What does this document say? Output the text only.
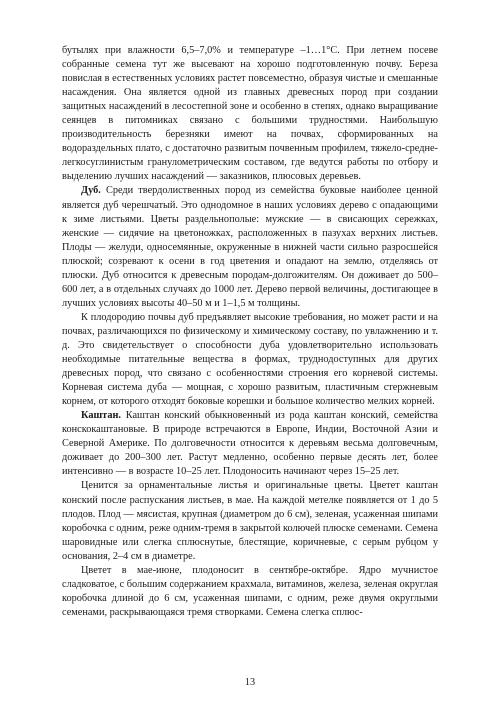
бутылях при влажности 6,5–7,0% и температуре –1…1°C. При летнем посеве собранные семена тут же высевают на хорошо подготовленную почву. Береза повислая в естественных условиях растет повсеместно, образуя чистые и смешанные насаждения. Она является одной из главных древесных пород при создании защитных насаждений в лесостепной зоне и особенно в степях, однако выращивание сеянцев в питомниках связано с большими трудностями. Наибольшую производительность березняки имеют на почвах, сформированных на водораздельных плато, с достаточно развитым почвенным профилем, тяжело-средне-легкосуглинистым гранулометрическим составом, где ведутся работы по отбору и выделению лучших насаждений — заказников, плюсовых деревьев.

Дуб. Среди твердолиственных пород из семейства буковые наиболее ценной является дуб черешчатый. Это однодомное в наших условиях дерево с опадающими к зиме листьями. Цветы раздельнополые: мужские — в свисающих сережках, женские — сидячие на цветоножках, расположенных в пазухах верхних листьев. Плоды — желуди, односемянные, окруженные в нижней части сильно разросшейся плюской; созревают к осени в год цветения и опадают на землю, отделяясь от плюски. Дуб относится к древесным породам-долгожителям. Он доживает до 500–600 лет, а в отдельных случаях до 1000 лет. Дерево первой величины, достигающее в лучших условиях высоты 40–50 м и 1–1,5 м толщины.

К плодородию почвы дуб предъявляет высокие требования, но может расти и на почвах, различающихся по физическому и химическому составу, по увлажнению и т. д. Это свидетельствует о способности дуба удовлетворительно использовать необходимые питательные вещества в формах, труднодоступных для других древесных пород, что связано с особенностями строения его корневой системы. Корневая система дуба — мощная, с хорошо развитым, пластичным стержневым корнем, от которого отходят боковые корешки и большое количество мелких корней.

Каштан. Каштан конский обыкновенный из рода каштан конский, семейства конскокаштановые. В природе встречаются в Европе, Индии, Восточной Азии и Северной Америке. По долговечности относится к деревьям весьма долговечным, доживает до 200–300 лет. Растут медленно, особенно первые десять лет, более интенсивно — в возрасте 10–25 лет. Плодоносить начинают через 15–25 лет.

Ценится за орнаментальные листья и оригинальные цветы. Цветет каштан конский после распускания листьев, в мае. На каждой метелке появляется от 1 до 5 плодов. Плод — мясистая, крупная (диаметром до 6 см), зеленая, усаженная шипами коробочка с одним, реже одним-тремя в закрытой колючей плюске семенами. Семена шаровидные или слегка сплюснутые, блестящие, коричневые, с серым рубцом у основания, 2–4 см в диаметре.

Цветет в мае-июне, плодоносит в сентябре-октябре. Ядро мучнистое сладковатое, с большим содержанием крахмала, витаминов, железа, зеленая округлая коробочка длиной до 6 см, усаженная шипами, с одним, реже двумя округлыми семенами, раскрывающаяся тремя створками. Семена слегка сплюс-

13
